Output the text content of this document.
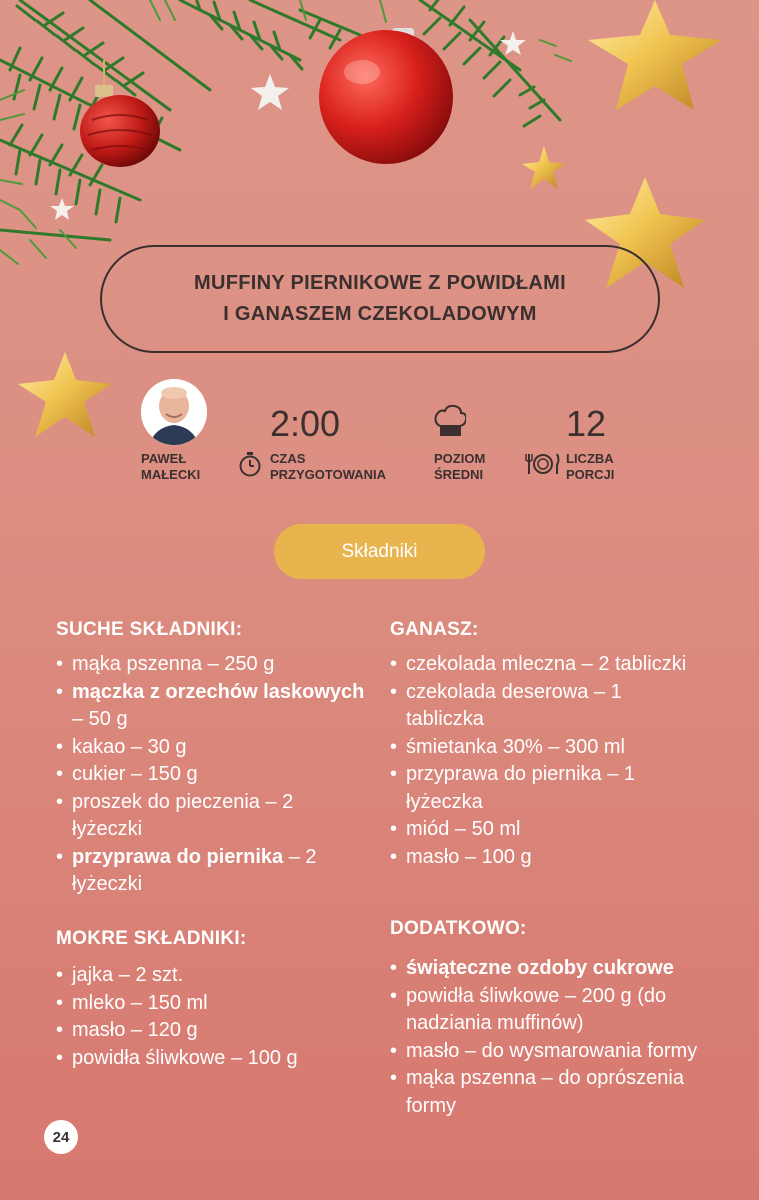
MUFFINY PIERNIKOWE Z POWIDŁAMI
I GANASZEM CZEKOLADOWYM
PAWEŁ
MAŁECKI
2:00
CZAS
PRZYGOTOWANIA
POZIOM
ŚREDNI
12
LICZBA
PORCJI
Składniki
SUCHE SKŁADNIKI:
• mąka pszenna – 250 g
• mączka z orzechów laskowych – 50 g
• kakao – 30 g
• cukier – 150 g
• proszek do pieczenia – 2 łyżeczki
• przyprawa do piernika – 2 łyżeczki
MOKRE SKŁADNIKI:
• jajka – 2 szt.
• mleko – 150 ml
• masło – 120 g
• powidła śliwkowe – 100 g
GANASZ:
• czekolada mleczna – 2 tabliczki
• czekolada deserowa – 1 tabliczka
• śmietanka 30% – 300 ml
• przyprawa do piernika – 1 łyżeczka
• miód – 50 ml
• masło – 100 g
DODATKOWO:
• świąteczne ozdoby cukrowe
• powidła śliwkowe – 200 g (do nadziania muffinów)
• masło – do wysmarowania formy
• mąka pszenna – do oprószenia formy
24
